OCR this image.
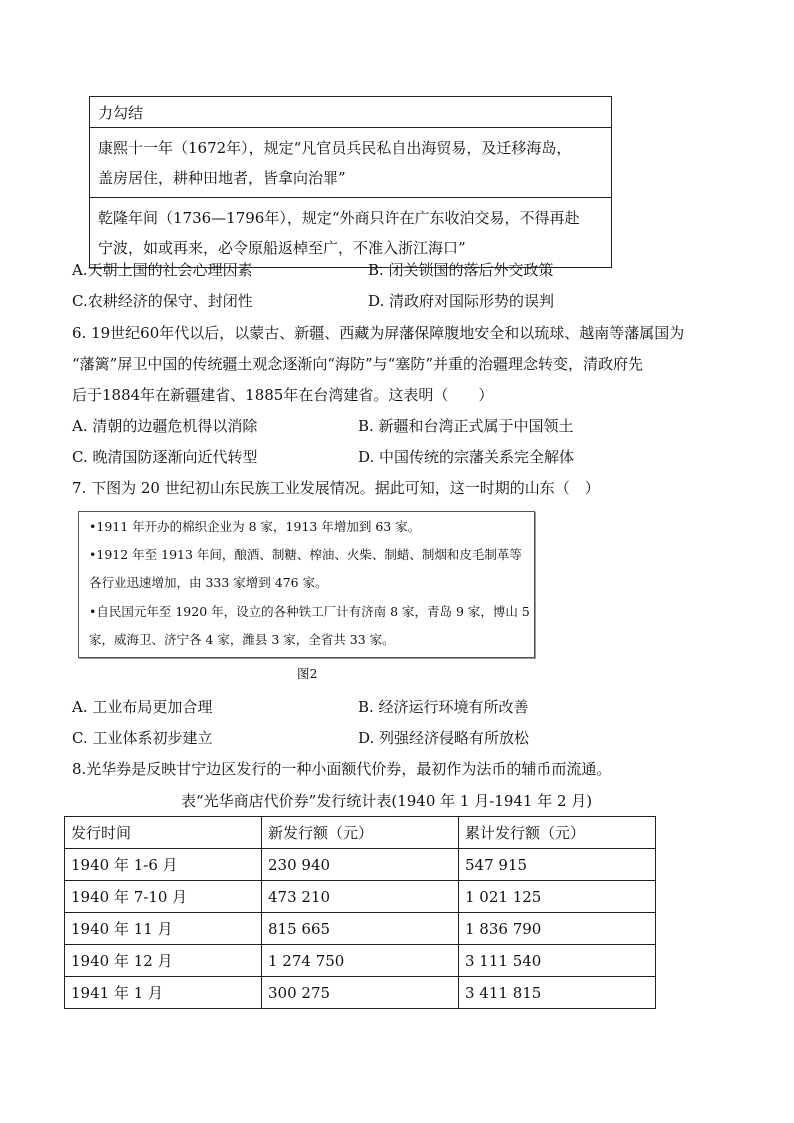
力勾结
康熙十一年（1672年），规定“凡官员兵民私自出海贸易，及迁移海岛，
盖房居住，耕种田地者，皆拿向治罪”
乾隆年间（1736—1796年），规定“外商只许在广东收泊交易，不得再赴
宁波，如或再来，必令原船返棹至广，不准入浙江海口”
A.天朝上国的社会心理因素	B. 闭关锁国的落后外交政策
C.农耕经济的保守、封闭性	D. 清政府对国际形势的误判
6. 19世纪60年代以后，以蒙古、新疆、西藏为屏藩保障腹地安全和以琉球、越南等藩属国为
“藩篱”屏卫中国的传统疆土观念逐渐向“海防”与“塞防”并重的治疆理念转变，清政府先
后于1884年在新疆建省、1885年在台湾建省。这表明（　　）
A. 清朝的边疆危机得以消除	B. 新疆和台湾正式属于中国领土
C. 晚清国防逐渐向近代转型	D. 中国传统的宗藩关系完全解体
7. 下图为 20 世纪初山东民族工业发展情况。据此可知，这一时期的山东（　）
•1911 年开办的棉织企业为 8 家，1913 年增加到 63 家。
•1912 年至 1913 年间，酿酒、制糖、榨油、火柴、制蜡、制烟和皮毛制革等
各行业迅速增加，由 333 家增到 476 家。
•自民国元年至 1920 年，设立的各种铁工厂计有济南 8 家，青岛 9 家，博山 5
家，威海卫、济宁各 4 家，潍县 3 家，全省共 33 家。
图2
A. 工业布局更加合理	B. 经济运行环境有所改善
C. 工业体系初步建立	D. 列强经济侵略有所放松
8.光华券是反映甘宁边区发行的一种小面额代价券，最初作为法币的辅币而流通。
表“光华商店代价券”发行统计表(1940 年 1 月-1941 年 2 月)
发行时间	新发行额（元）	累计发行额（元）
1940 年 1-6 月	230 940	547 915
1940 年 7-10 月	473 210	1 021 125
1940 年 11 月	815 665	1 836 790
1940 年 12 月	1 274 750	3 111 540
1941 年 1 月	300 275	3 411 815
